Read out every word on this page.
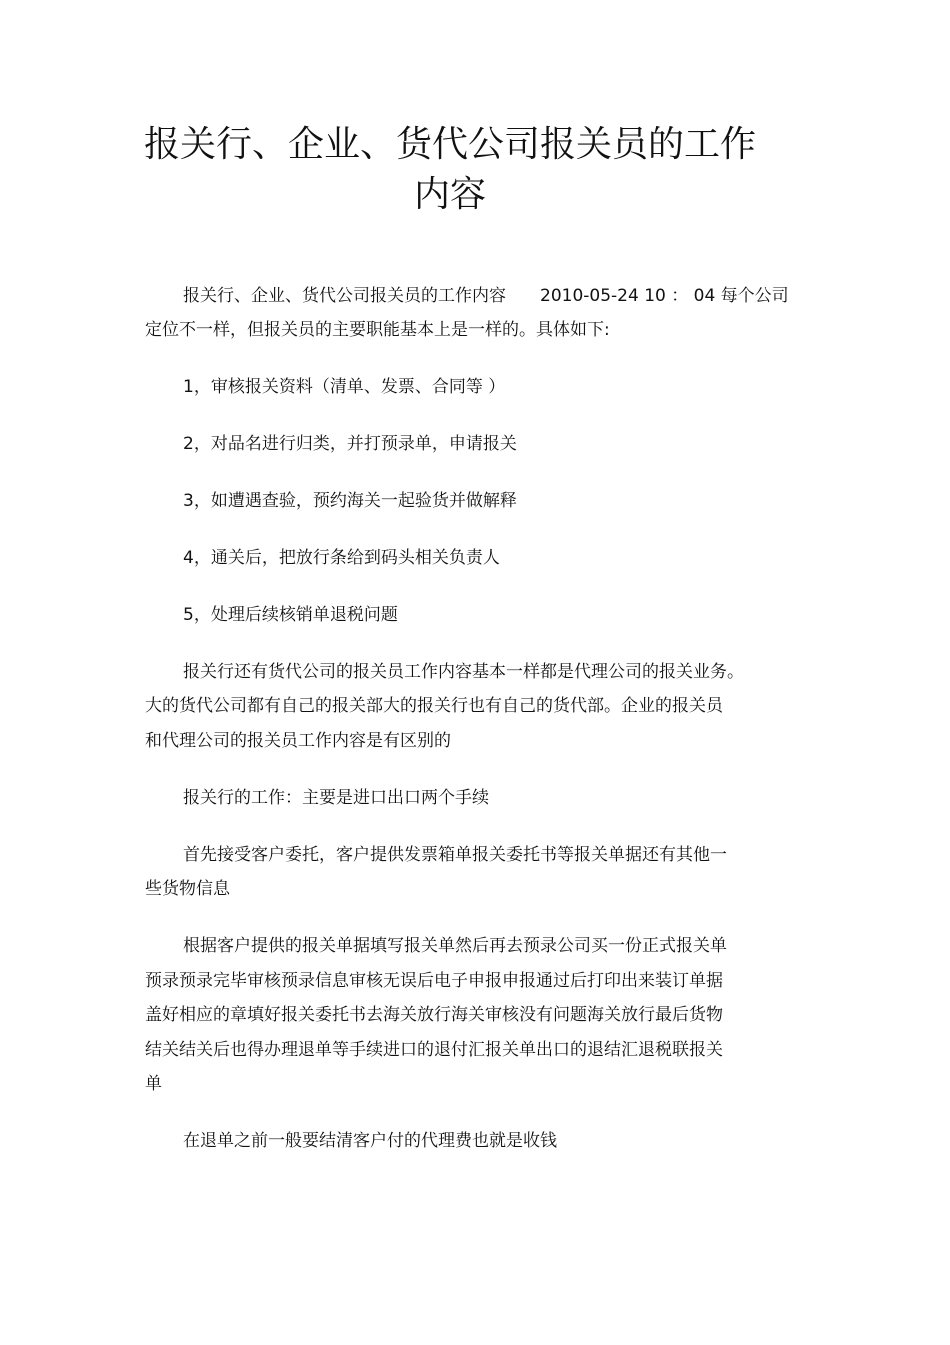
报关行、企业、货代公司报关员的工作
内容
报关行、企业、货代公司报关员的工作内容　　2010-05-24 10 ： 04 每个公司
定位不一样，但报关员的主要职能基本上是一样的。具体如下:
1，审核报关资料（清单、发票、合同等 ）
2，对品名进行归类，并打预录单，申请报关
3，如遭遇查验，预约海关一起验货并做解释
4，通关后，把放行条给到码头相关负责人
5，处理后续核销单退税问题
报关行还有货代公司的报关员工作内容基本一样都是代理公司的报关业务。
大的货代公司都有自己的报关部大的报关行也有自己的货代部。企业的报关员
和代理公司的报关员工作内容是有区别的
报关行的工作：主要是进口出口两个手续
首先接受客户委托，客户提供发票箱单报关委托书等报关单据还有其他一
些货物信息
根据客户提供的报关单据填写报关单然后再去预录公司买一份正式报关单
预录预录完毕审核预录信息审核无误后电子申报申报通过后打印出来装订单据
盖好相应的章填好报关委托书去海关放行海关审核没有问题海关放行最后货物
结关结关后也得办理退单等手续进口的退付汇报关单出口的退结汇退税联报关
单
在退单之前一般要结清客户付的代理费也就是收钱
